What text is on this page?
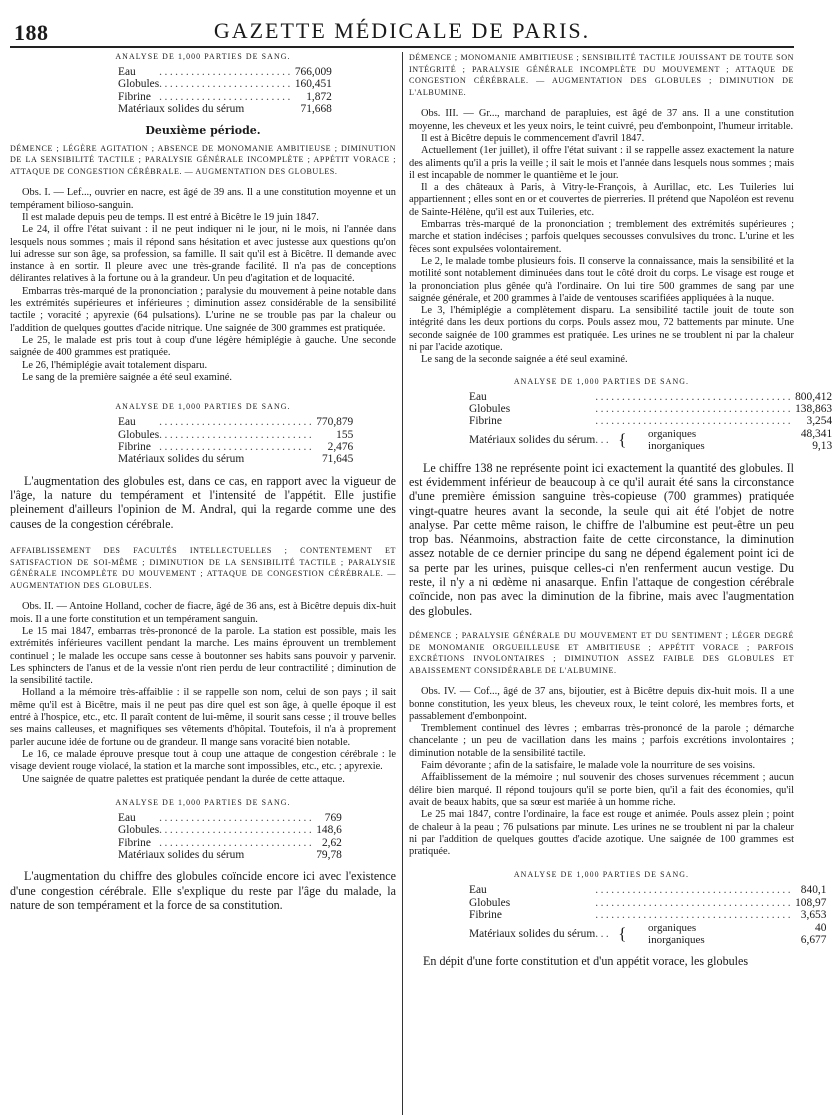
188	GAZETTE MÉDICALE DE PARIS.
ANALYSE DE 1,000 PARTIES DE SANG.
Eau	.........................	766,009
Globules	.........................	160,451
Fibrine	.........................	1,872
Matériaux solides du sérum		71,668
Deuxième période.
DÉMENCE ; LÉGÈRE AGITATION ; ABSENCE DE MONOMANIE AMBITIEUSE ; DIMINUTION DE LA SENSIBILITÉ TACTILE ; PARALYSIE GÉNÉRALE INCOMPLÈTE ; APPÉTIT VORACE ; ATTAQUE DE CONGESTION CÉRÉBRALE. — AUGMENTATION DES GLOBULES.

Obs. I. — Lef..., ouvrier en nacre, est âgé de 39 ans. Il a une constitution moyenne et un tempérament bilioso-sanguin.

Il est malade depuis peu de temps. Il est entré à Bicêtre le 19 juin 1847.

Le 24, il offre l'état suivant : il ne peut indiquer ni le jour, ni le mois, ni l'année dans lesquels nous sommes ; mais il répond sans hésitation et avec justesse aux questions qu'on lui adresse sur son âge, sa profession, sa famille. Il sait qu'il est à Bicêtre. Il demande avec instance à en sortir. Il pleure avec une très-grande facilité. Il n'a pas de conceptions délirantes relatives à la fortune ou à la grandeur. Un peu d'agitation et de loquacité.

Embarras très-marqué de la prononciation ; paralysie du mouvement à peine notable dans les extrémités supérieures et inférieures ; diminution assez considérable de la sensibilité tactile ; voracité ; apyrexie (64 pulsations). L'urine ne se trouble pas par la chaleur ou l'addition de quelques gouttes d'acide nitrique. Une saignée de 300 grammes est pratiquée.

Le 25, le malade est pris tout à coup d'une légère hémiplégie à gauche. Une seconde saignée de 400 grammes est pratiquée.

Le 26, l'hémiplégie avait totalement disparu.

Le sang de la première saignée a été seul examiné.

ANALYSE DE 1,000 PARTIES DE SANG.
Eau	.............................	770,879
Globules	.............................	155
Fibrine	.............................	2,476
Matériaux solides du sérum		71,645

L'augmentation des globules est, dans ce cas, en rapport avec la vigueur de l'âge, la nature du tempérament et l'intensité de l'appétit. Elle justifie pleinement d'ailleurs l'opinion de M. Andral, qui la regarde comme une des causes de la congestion cérébrale.

AFFAIBLISSEMENT DES FACULTÉS INTELLECTUELLES ; CONTENTEMENT ET SATISFACTION DE SOI-MÊME ; DIMINUTION DE LA SENSIBILITÉ TACTILE ; PARALYSIE GÉNÉRALE INCOMPLÈTE DU MOUVEMENT ; ATTAQUE DE CONGESTION CÉRÉBRALE. — AUGMENTATION DES GLOBULES.

Obs. II. — Antoine Holland, cocher de fiacre, âgé de 36 ans, est à Bicêtre depuis dix-huit mois. Il a une forte constitution et un tempérament sanguin.

Le 15 mai 1847, embarras très-prononcé de la parole. La station est possible, mais les extrémités inférieures vacillent pendant la marche. Les mains éprouvent un tremblement continuel ; le malade les occupe sans cesse à boutonner ses habits sans pouvoir y parvenir. Les sphincters de l'anus et de la vessie n'ont rien perdu de leur contractilité ; diminution de la sensibilité tactile.

Holland a la mémoire très-affaiblie : il se rappelle son nom, celui de son pays ; il sait même qu'il est à Bicêtre, mais il ne peut pas dire quel est son âge, à quelle époque il est entré à l'hospice, etc., etc. Il paraît content de lui-même, il sourit sans cesse ; il trouve belles ses mains calleuses, et magnifiques ses vêtements d'hôpital. Toutefois, il n'a à proprement parler aucune idée de fortune ou de grandeur. Il mange sans voracité bien notable.

Le 16, ce malade éprouve presque tout à coup une attaque de congestion cérébrale : le visage devient rouge violacé, la station et la marche sont impossibles, etc., etc. ; apyrexie.

Une saignée de quatre palettes est pratiquée pendant la durée de cette attaque.

ANALYSE DE 1,000 PARTIES DE SANG.
Eau	.............................	769
Globules	.............................	148,6
Fibrine	.............................	2,62
Matériaux solides du sérum		79,78

L'augmentation du chiffre des globules coïncide encore ici avec l'existence d'une congestion cérébrale. Elle s'explique du reste par l'âge du malade, la nature de son tempérament et la force de sa constitution.

DÉMENCE ; MONOMANIE AMBITIEUSE ; SENSIBILITÉ TACTILE JOUISSANT DE TOUTE SON INTÉGRITÉ ; PARALYSIE GÉNÉRALE INCOMPLÈTE DU MOUVEMENT ; ATTAQUE DE CONGESTION CÉRÉBRALE. — AUGMENTATION DES GLOBULES ; DIMINUTION DE L'ALBUMINE.

Obs. III. — Gr..., marchand de parapluies, est âgé de 37 ans. Il a une constitution moyenne, les cheveux et les yeux noirs, le teint cuivré, peu d'embonpoint, l'humeur irritable.

Il est à Bicêtre depuis le commencement d'avril 1847.

Actuellement (1er juillet), il offre l'état suivant : il se rappelle assez exactement la nature des aliments qu'il a pris la veille ; il sait le mois et l'année dans lesquels nous sommes ; mais il est incapable de nommer le quantième et le jour.

Il a des châteaux à Paris, à Vitry-le-François, à Aurillac, etc. Les Tuileries lui appartiennent ; elles sont en or et couvertes de pierreries. Il prétend que Napoléon est revenu de Sainte-Hélène, qu'il est aux Tuileries, etc.

Embarras très-marqué de la prononciation ; tremblement des extrémités supérieures ; marche et station indécises ; parfois quelques secousses convulsives du tronc. L'urine et les fèces sont expulsées volontairement.

Le 2, le malade tombe plusieurs fois. Il conserve la connaissance, mais la sensibilité et la motilité sont notablement diminuées dans tout le côté droit du corps. Le visage est rouge et la prononciation plus gênée qu'à l'ordinaire. On lui tire 500 grammes de sang par une saignée générale, et 200 grammes à l'aide de ventouses scarifiées appliquées à la nuque.

Le 3, l'hémiplégie a complètement disparu. La sensibilité tactile jouit de toute son intégrité dans les deux portions du corps. Pouls assez mou, 72 battements par minute. Une seconde saignée de 100 grammes est pratiquée. Les urines ne se troublent ni par la chaleur ni par l'acide azotique.

Le sang de la seconde saignée a été seul examiné.

ANALYSE DE 1,000 PARTIES DE SANG.
Eau	.....................................			800,412
Globules	.....................................			138,863
Fibrine	.....................................			3,254
Matériaux solides du sérum	...	{	organiques	48,341
			inorganiques	9,13

Le chiffre 138 ne représente point ici exactement la quantité des globules. Il est évidemment inférieur de beaucoup à ce qu'il aurait été sans la circonstance d'une première émission sanguine très-copieuse (700 grammes) pratiquée vingt-quatre heures avant la seconde, la seule qui ait été l'objet de notre analyse. Par cette même raison, le chiffre de l'albumine est peut-être un peu trop bas. Néanmoins, abstraction faite de cette circonstance, la diminution assez notable de ce dernier principe du sang ne dépend également point ici de sa perte par les urines, puisque celles-ci n'en renferment aucun vestige. Du reste, il n'y a ni œdème ni anasarque. Enfin l'attaque de congestion cérébrale coïncide, non pas avec la diminution de la fibrine, mais avec l'augmentation des globules.

DÉMENCE ; PARALYSIE GÉNÉRALE DU MOUVEMENT ET DU SENTIMENT ; LÉGER DEGRÉ DE MONOMANIE ORGUEILLEUSE ET AMBITIEUSE ; APPÉTIT VORACE ; PARFOIS EXCRÉTIONS INVOLONTAIRES ; DIMINUTION ASSEZ FAIBLE DES GLOBULES ET ABAISSEMENT CONSIDÉRABLE DE L'ALBUMINE.

Obs. IV. — Cof..., âgé de 37 ans, bijoutier, est à Bicêtre depuis dix-huit mois. Il a une bonne constitution, les yeux bleus, les cheveux roux, le teint coloré, les membres forts, et passablement d'embonpoint.

Tremblement continuel des lèvres ; embarras très-prononcé de la parole ; démarche chancelante ; un peu de vacillation dans les mains ; parfois excrétions involontaires ; diminution notable de la sensibilité tactile.

Faim dévorante ; afin de la satisfaire, le malade vole la nourriture de ses voisins.

Affaiblissement de la mémoire ; nul souvenir des choses survenues récemment ; aucun délire bien marqué. Il répond toujours qu'il se porte bien, qu'il a fait des économies, qu'il avait de beaux habits, que sa sœur est mariée à un homme riche.

Le 25 mai 1847, contre l'ordinaire, la face est rouge et animée. Pouls assez plein ; point de chaleur à la peau ; 76 pulsations par minute. Les urines ne se troublent ni par la chaleur ni par l'addition de quelques gouttes d'acide azotique. Une saignée de 100 grammes est pratiquée.

ANALYSE DE 1,000 PARTIES DE SANG.
Eau	.....................................			840,1
Globules	.....................................			108,97
Fibrine	.....................................			3,653
Matériaux solides du sérum	...	{	organiques	40
			inorganiques	6,677

En dépit d'une forte constitution et d'un appétit vorace, les globules
